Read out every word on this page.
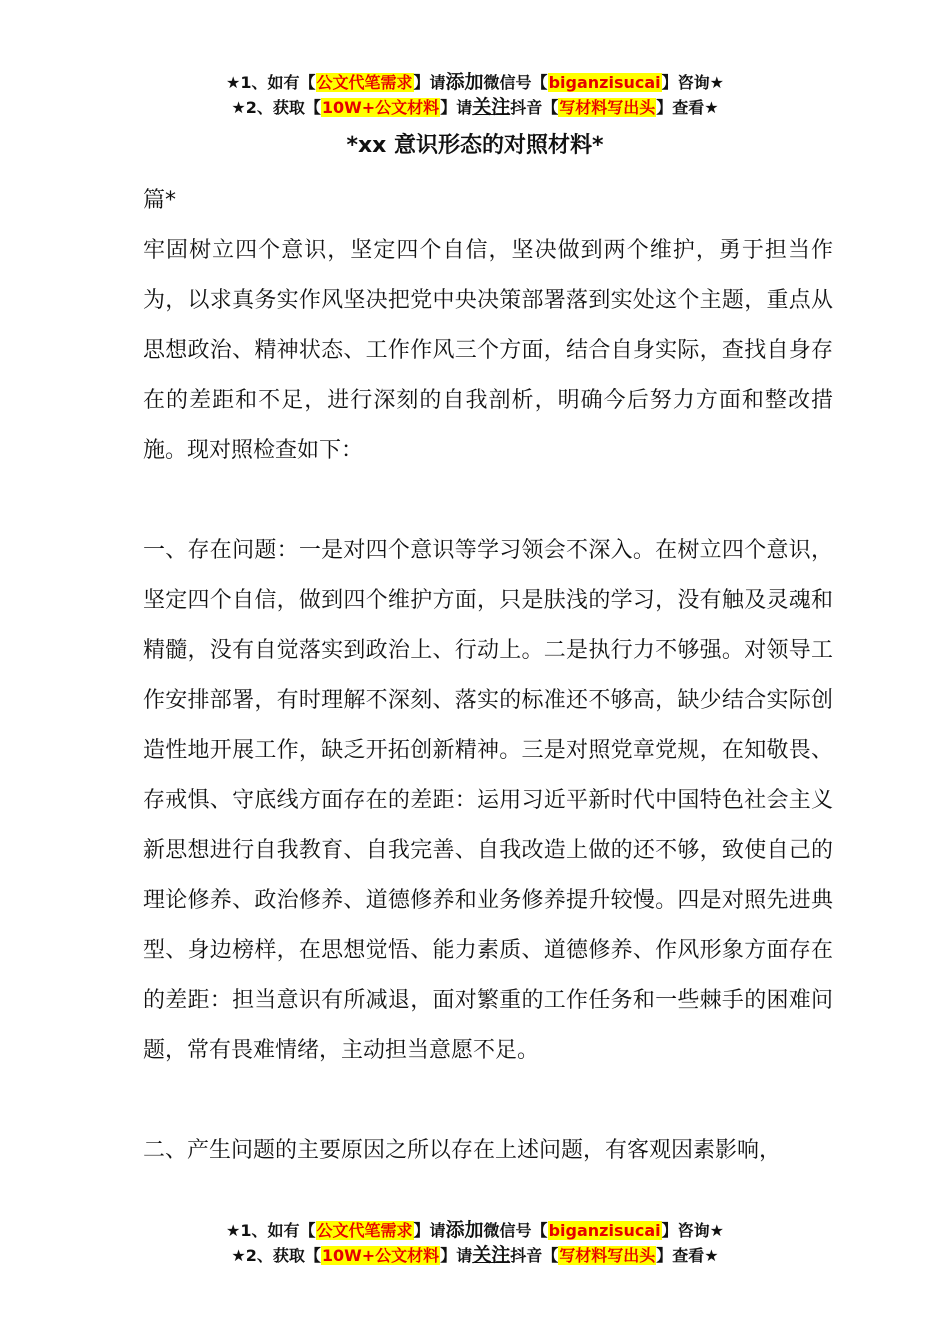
★1、如有【公文代笔需求】请添加微信号【biganzisucai】咨询★
★2、获取【10W+公文材料】请关注抖音【写材料写出头】查看★
*xx 意识形态的对照材料*

篇*

牢固树立四个意识，坚定四个自信，坚决做到两个维护，勇于担当作为，以求真务实作风坚决把党中央决策部署落到实处这个主题，重点从思想政治、精神状态、工作作风三个方面，结合自身实际，查找自身存在的差距和不足，进行深刻的自我剖析，明确今后努力方面和整改措施。现对照检查如下：

一、存在问题：一是对四个意识等学习领会不深入。在树立四个意识，坚定四个自信，做到四个维护方面，只是肤浅的学习，没有触及灵魂和精髓，没有自觉落实到政治上、行动上。二是执行力不够强。对领导工作安排部署，有时理解不深刻、落实的标准还不够高，缺少结合实际创造性地开展工作，缺乏开拓创新精神。三是对照党章党规，在知敬畏、存戒惧、守底线方面存在的差距：运用习近平新时代中国特色社会主义新思想进行自我教育、自我完善、自我改造上做的还不够，致使自己的理论修养、政治修养、道德修养和业务修养提升较慢。四是对照先进典型、身边榜样，在思想觉悟、能力素质、道德修养、作风形象方面存在的差距：担当意识有所减退，面对繁重的工作任务和一些棘手的困难问题，常有畏难情绪，主动担当意愿不足。

二、产生问题的主要原因之所以存在上述问题，有客观因素影响，

★1、如有【公文代笔需求】请添加微信号【biganzisucai】咨询★
★2、获取【10W+公文材料】请关注抖音【写材料写出头】查看★
